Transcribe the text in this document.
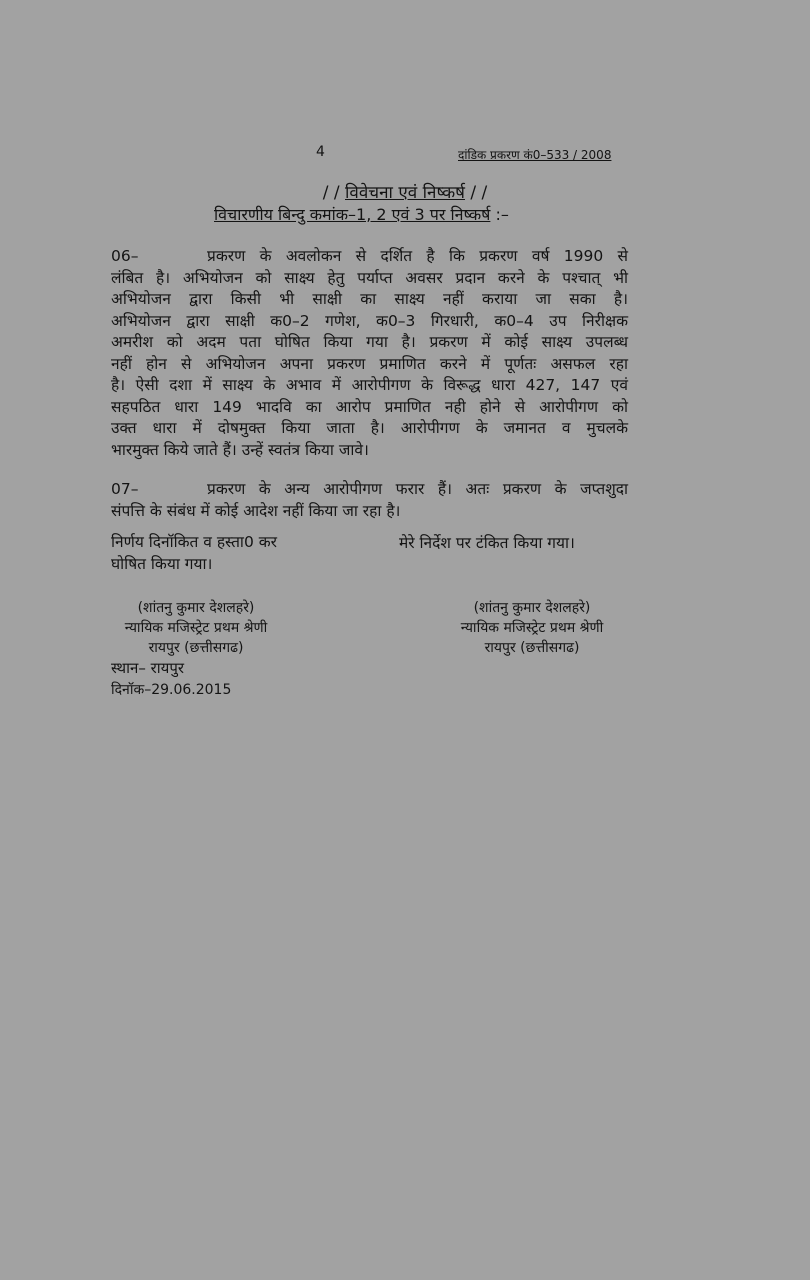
4	दांडिक प्रकरण कं0–533 / 2008
/ / विवेचना एवं निष्कर्ष / /
विचारणीय बिन्दु कमांक–1, 2 एवं 3 पर निष्कर्ष :–
06–	प्रकरण के अवलोकन से दर्शित है कि प्रकरण वर्ष 1990 से
लंबित है। अभियोजन को साक्ष्य हेतु पर्याप्त अवसर प्रदान करने के पश्चात् भी
अभियोजन द्वारा किसी भी साक्षी का साक्ष्य नहीं कराया जा सका है।
अभियोजन द्वारा साक्षी क0–2 गणेश, क0–3 गिरधारी, क0–4 उप निरीक्षक
अमरीश को अदम पता घोषित किया गया है। प्रकरण में कोई साक्ष्य उपलब्ध
नहीं होन से अभियोजन अपना प्रकरण प्रमाणित करने में पूर्णतः असफल रहा
है। ऐसी दशा में साक्ष्य के अभाव में आरोपीगण के विरूद्ध धारा 427, 147 एवं
सहपठित धारा 149 भादवि का आरोप प्रमाणित नही होने से आरोपीगण को
उक्त धारा में दोषमुक्त किया जाता है। आरोपीगण के जमानत व मुचलके
भारमुक्त किये जाते हैं। उन्हें स्वतंत्र किया जावे।
07–	प्रकरण के अन्य आरोपीगण फरार हैं। अतः प्रकरण के जप्तशुदा
संपत्ति के संबंध में कोई आदेश नहीं किया जा रहा है।
निर्णय दिनॉकित व हस्ता0 कर
घोषित किया गया।
मेरे निर्देश पर टंकित किया गया।
(शांतनु कुमार देशलहरे)
न्यायिक मजिस्ट्रेट प्रथम श्रेणी
रायपुर (छत्तीसगढ)
(शांतनु कुमार देशलहरे)
न्यायिक मजिस्ट्रेट प्रथम श्रेणी
रायपुर (छत्तीसगढ)
स्थान– रायपुर
दिनॉक–29.06.2015
